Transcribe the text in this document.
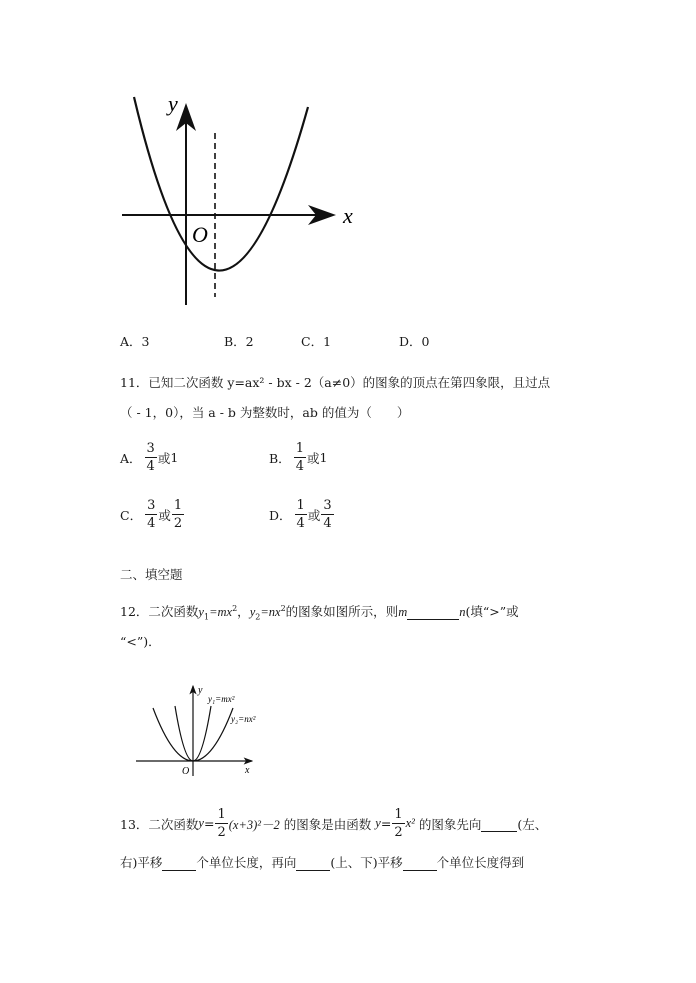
y
x
O
A．3	B．2	C．1	D．0
11．已知二次函数 y=ax² - bx - 2（a≠0）的图象的顶点在第四象限，且过点
（ - 1，0），当 a - b 为整数时，ab 的值为（　　）
A． $\frac{3}{4}$ 或 1	B． $\frac{1}{4}$ 或 1
C． $\frac{3}{4}$ 或 $\frac{1}{2}$	D． $\frac{1}{4}$ 或 $\frac{3}{4}$
二、填空题
12．二次函数$y_1=mx^2$，$y_2=nx^2$的图象如图所示，则m	n(填“>”或
“<”)．
y
x
O
y₁=mx²
y₂=nx²
13．二次函数 $y = \frac{1}{2} (x+3)^2-2$
的图象是由函数
$y = \frac{1}{2} x^2$
的图象先向
	(左、
右)平移	个单位长度，再向	(上、下)平移	个单位长度得到
